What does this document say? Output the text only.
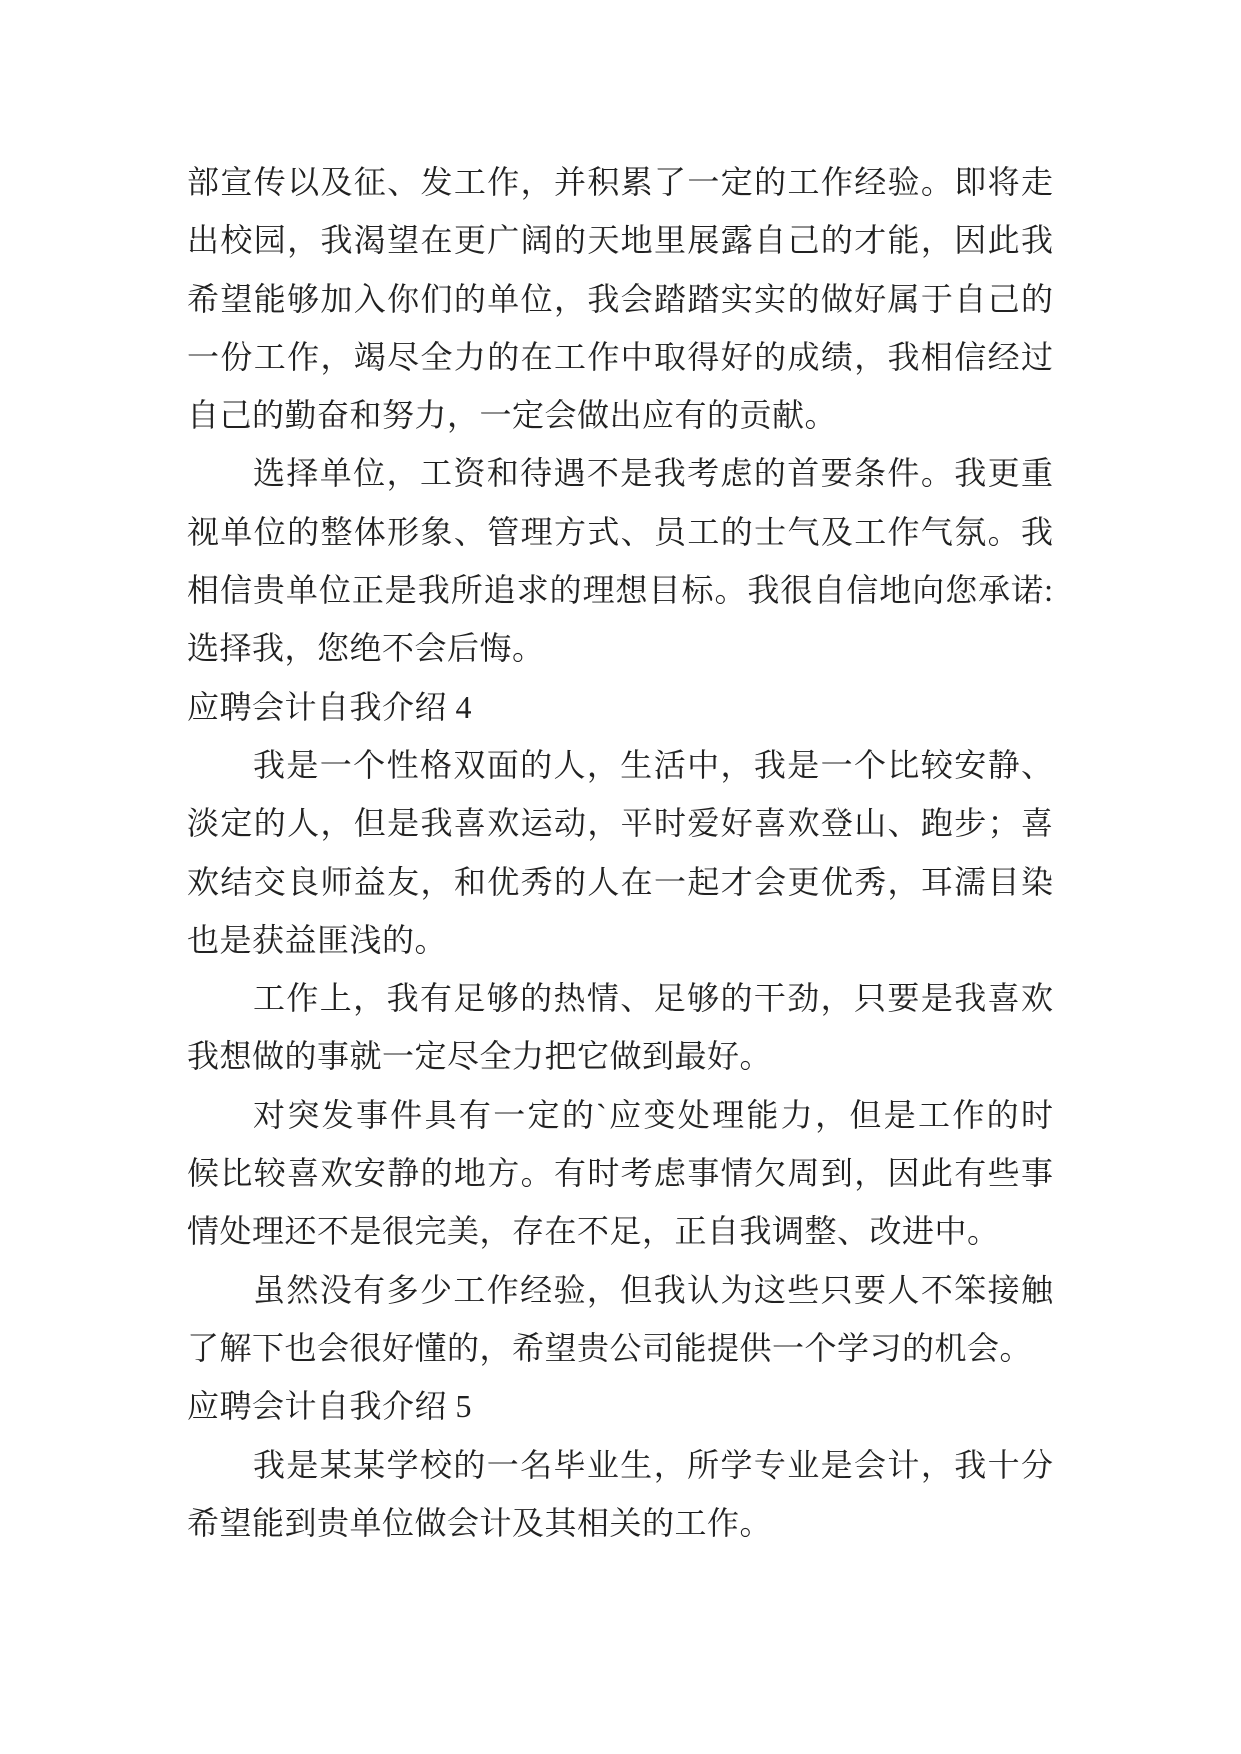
部宣传以及征、发工作，并积累了一定的工作经验。即将走
出校园，我渴望在更广阔的天地里展露自己的才能，因此我
希望能够加入你们的单位，我会踏踏实实的做好属于自己的
一份工作，竭尽全力的在工作中取得好的成绩，我相信经过
自己的勤奋和努力，一定会做出应有的贡献。
选择单位，工资和待遇不是我考虑的首要条件。我更重
视单位的整体形象、管理方式、员工的士气及工作气氛。我
相信贵单位正是我所追求的理想目标。我很自信地向您承诺:
选择我，您绝不会后悔。
应聘会计自我介绍 4
我是一个性格双面的人，生活中，我是一个比较安静、
淡定的人，但是我喜欢运动，平时爱好喜欢登山、跑步；喜
欢结交良师益友，和优秀的人在一起才会更优秀，耳濡目染
也是获益匪浅的。
工作上，我有足够的热情、足够的干劲，只要是我喜欢
我想做的事就一定尽全力把它做到最好。
对突发事件具有一定的`应变处理能力，但是工作的时
候比较喜欢安静的地方。有时考虑事情欠周到，因此有些事
情处理还不是很完美，存在不足，正自我调整、改进中。
虽然没有多少工作经验，但我认为这些只要人不笨接触
了解下也会很好懂的，希望贵公司能提供一个学习的机会。
应聘会计自我介绍 5
我是某某学校的一名毕业生，所学专业是会计，我十分
希望能到贵单位做会计及其相关的工作。
